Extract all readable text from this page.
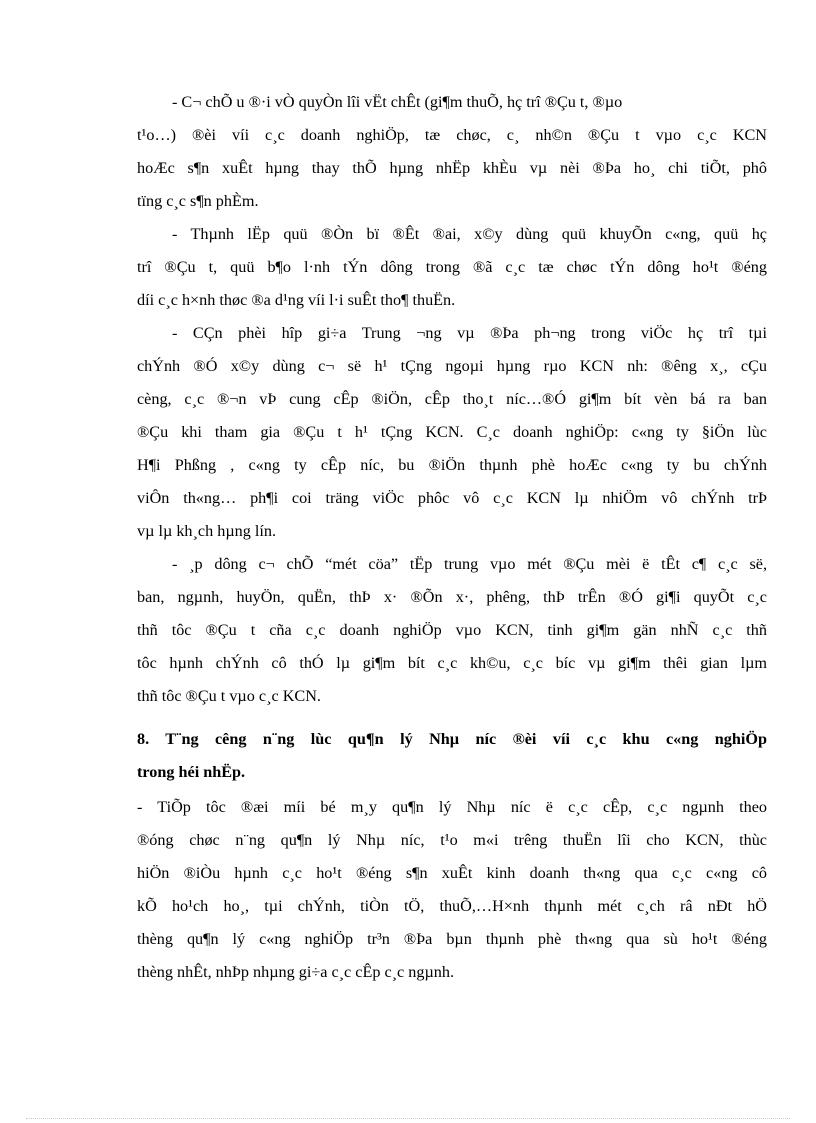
- C¬ chÕ u ®·i vÒ quyÒn lîi vËt chÊt (gi¶m thuÕ, hç trî ®Çu t, ®µo
t¹o…) ®èi víi c¸c doanh nghiÖp, tæ chøc, c¸ nh©n ®Çu t vµo c¸c KCN
hoÆc s¶n xuÊt hµng thay thÕ hµng nhËp khÈu vµ nèi ®Þa ho¸ chi tiÕt, phô
tïng c¸c s¶n phÈm.
- Thµnh lËp quü ®Òn bï ®Êt ®ai, x©y dùng quü khuyÕn c«ng, quü hç
trî ®Çu t, quü b¶o l·nh tÝn dông trong ®ã c¸c tæ chøc tÝn dông ho¹t ®éng
díi c¸c h×nh thøc ®a d¹ng víi l·i suÊt tho¶ thuËn.
- CÇn phèi hîp gi÷a Trung ¬ng vµ ®Þa ph¬ng trong viÖc hç trî tµi
chÝnh ®Ó x©y dùng c¬ së h¹ tÇng ngoµi hµng rµo KCN nh: ®êng x¸, cÇu
cèng, c¸c ®¬n vÞ cung cÊp ®iÖn, cÊp tho¸t níc…®Ó gi¶m bít vèn bá ra ban
®Çu khi tham gia ®Çu t h¹ tÇng KCN. C¸c doanh nghiÖp: c«ng ty §iÖn lùc
H¶i Phßng , c«ng ty cÊp níc, bu ®iÖn thµnh phè hoÆc c«ng ty bu chÝnh
viÔn th«ng… ph¶i coi träng viÖc phôc vô c¸c KCN lµ nhiÖm vô chÝnh trÞ
vµ lµ kh¸ch hµng lín.
- ¸p dông c¬ chÕ “mét cöa” tËp trung vµo mét ®Çu mèi ë tÊt c¶ c¸c së,
ban, ngµnh, huyÖn, quËn, thÞ x· ®Õn x·, phêng, thÞ trÊn ®Ó gi¶i quyÕt c¸c
thñ tôc ®Çu t cña c¸c doanh nghiÖp vµo KCN, tinh gi¶m gän nhÑ c¸c thñ
tôc hµnh chÝnh cô thÓ lµ gi¶m bít c¸c kh©u, c¸c bíc vµ gi¶m thêi gian lµm
thñ tôc ®Çu t vµo c¸c KCN.
8. T¨ng cêng n¨ng lùc qu¶n lý Nhµ níc ®èi víi c¸c khu c«ng nghiÖp
trong héi nhËp.
- TiÕp tôc ®æi míi bé m¸y qu¶n lý Nhµ níc ë c¸c cÊp, c¸c ngµnh theo
®óng chøc n¨ng qu¶n lý Nhµ níc, t¹o m«i trêng thuËn lîi cho KCN, thùc
hiÖn ®iÒu hµnh c¸c ho¹t ®éng s¶n xuÊt kinh doanh th«ng qua c¸c c«ng cô
kÕ ho¹ch ho¸, tµi chÝnh, tiÒn tÖ, thuÕ,…H×nh thµnh mét c¸ch râ nÐt hÖ
thèng qu¶n lý c«ng nghiÖp tr³n ®Þa bµn thµnh phè th«ng qua sù ho¹t ®éng
thèng nhÊt, nhÞp nhµng gi÷a c¸c cÊp c¸c ngµnh.
